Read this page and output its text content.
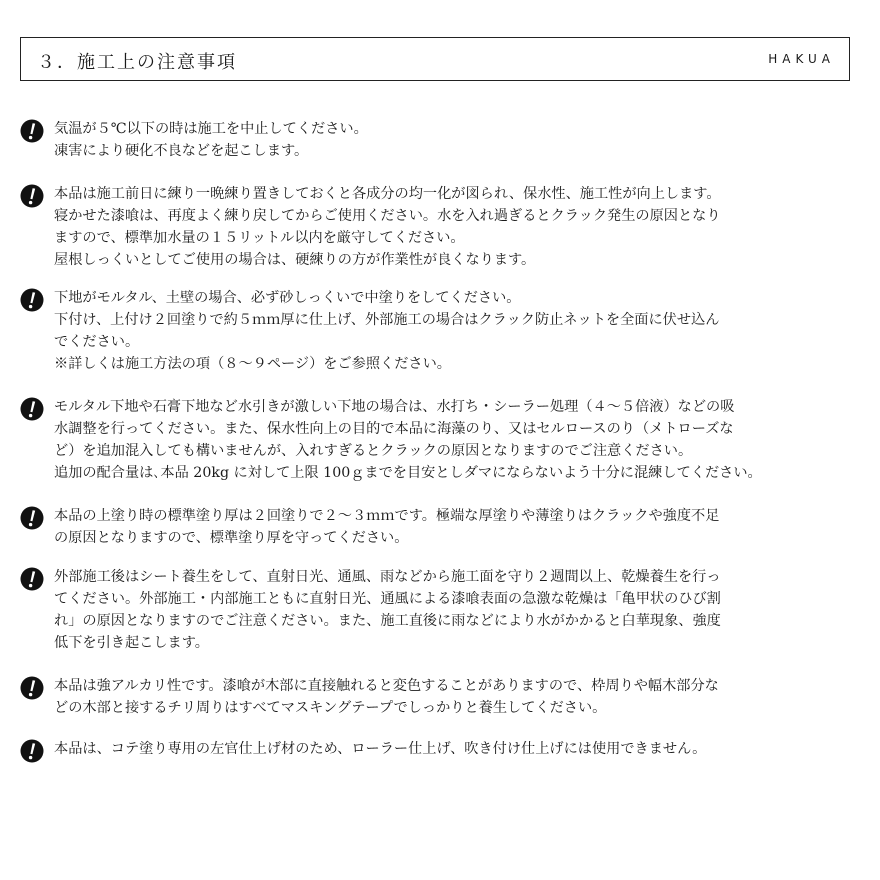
３．施工上の注意事項	HAKUA
気温が５℃以下の時は施工を中止してください。
凍害により硬化不良などを起こします。
本品は施工前日に練り一晩練り置きしておくと各成分の均一化が図られ、保水性、施工性が向上します。
寝かせた漆喰は、再度よく練り戻してからご使用ください。水を入れ過ぎるとクラック発生の原因となり
ますので、標準加水量の１５リットル以内を厳守してください。
屋根しっくいとしてご使用の場合は、硬練りの方が作業性が良くなります。
下地がモルタル、土壁の場合、必ず砂しっくいで中塗りをしてください。
下付け、上付け２回塗りで約５ｍｍ厚に仕上げ、外部施工の場合はクラック防止ネットを全面に伏せ込ん
でください。
※詳しくは施工方法の項（８～９ページ）をご参照ください。
モルタル下地や石膏下地など水引きが激しい下地の場合は、水打ち・シーラー処理（４～５倍液）などの吸
水調整を行ってください。また、保水性向上の目的で本品に海藻のり、又はセルロースのり（メトローズな
ど）を追加混入しても構いませんが、入れすぎるとクラックの原因となりますのでご注意ください。
追加の配合量は､本品 20kg に対して上限 100ｇまでを目安としダマにならないよう十分に混練してください。
本品の上塗り時の標準塗り厚は２回塗りで２～３ｍｍです。極端な厚塗りや薄塗りはクラックや強度不足
の原因となりますので、標準塗り厚を守ってください。
外部施工後はシート養生をして、直射日光、通風、雨などから施工面を守り２週間以上、乾燥養生を行っ
てください。外部施工・内部施工ともに直射日光、通風による漆喰表面の急激な乾燥は「亀甲状のひび割
れ」の原因となりますのでご注意ください。また、施工直後に雨などにより水がかかると白華現象、強度
低下を引き起こします。
本品は強アルカリ性です。漆喰が木部に直接触れると変色することがありますので、枠周りや幅木部分な
どの木部と接するチリ周りはすべてマスキングテープでしっかりと養生してください。
本品は、コテ塗り専用の左官仕上げ材のため、ローラー仕上げ、吹き付け仕上げには使用できません。
